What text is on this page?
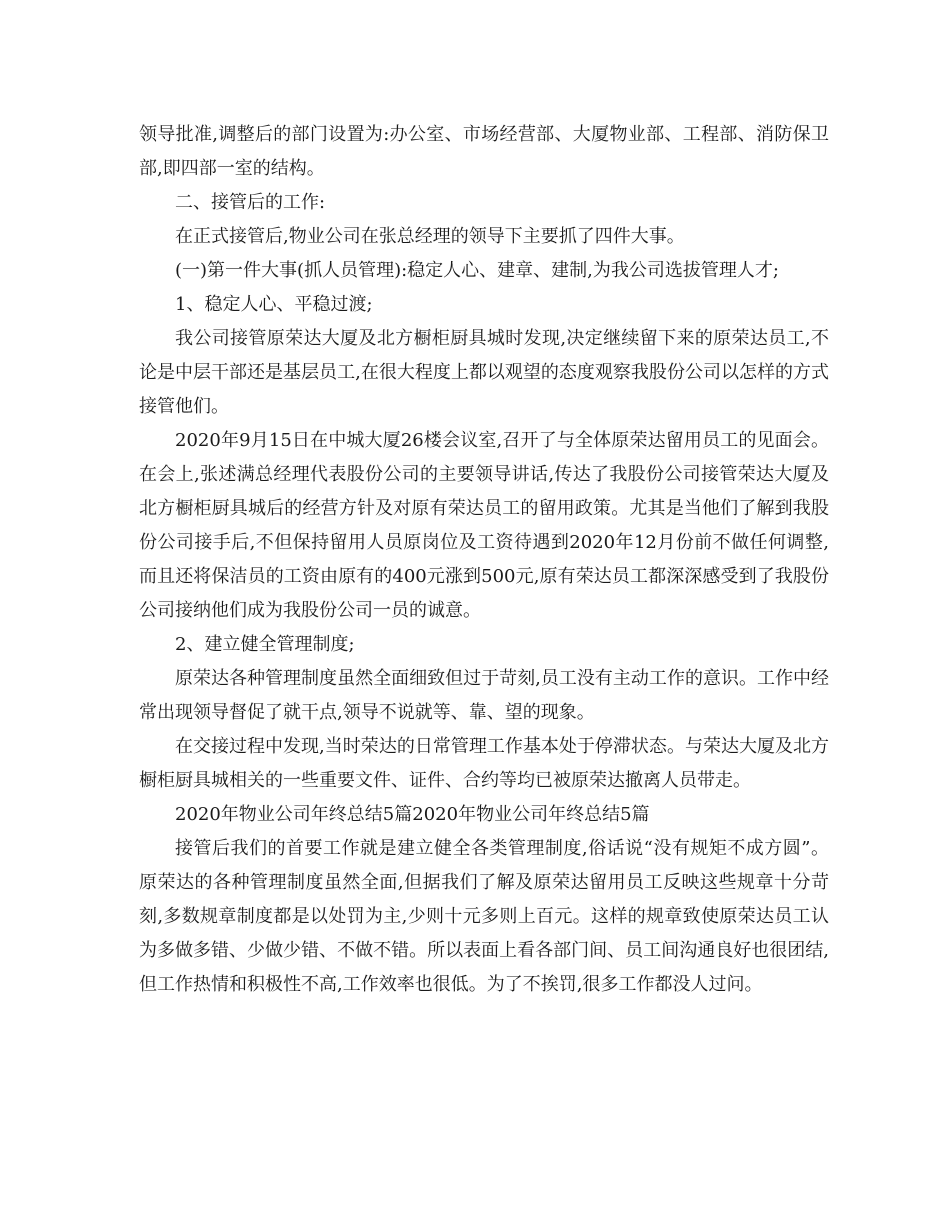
领导批准,调整后的部门设置为:办公室、市场经营部、大厦物业部、工程部、消防保卫部,即四部一室的结构。

二、接管后的工作:

在正式接管后,物业公司在张总经理的领导下主要抓了四件大事。

(一)第一件大事(抓人员管理):稳定人心、建章、建制,为我公司选拔管理人才;

1、稳定人心、平稳过渡;

我公司接管原荣达大厦及北方橱柜厨具城时发现,决定继续留下来的原荣达员工,不论是中层干部还是基层员工,在很大程度上都以观望的态度观察我股份公司以怎样的方式接管他们。

2020年9月15日在中城大厦26楼会议室,召开了与全体原荣达留用员工的见面会。在会上,张述满总经理代表股份公司的主要领导讲话,传达了我股份公司接管荣达大厦及北方橱柜厨具城后的经营方针及对原有荣达员工的留用政策。尤其是当他们了解到我股份公司接手后,不但保持留用人员原岗位及工资待遇到2020年12月份前不做任何调整,而且还将保洁员的工资由原有的400元涨到500元,原有荣达员工都深深感受到了我股份公司接纳他们成为我股份公司一员的诚意。

2、建立健全管理制度;

原荣达各种管理制度虽然全面细致但过于苛刻,员工没有主动工作的意识。工作中经常出现领导督促了就干点,领导不说就等、靠、望的现象。

在交接过程中发现,当时荣达的日常管理工作基本处于停滞状态。与荣达大厦及北方橱柜厨具城相关的一些重要文件、证件、合约等均已被原荣达撤离人员带走。

2020年物业公司年终总结5篇2020年物业公司年终总结5篇

接管后我们的首要工作就是建立健全各类管理制度,俗话说“没有规矩不成方圆”。原荣达的各种管理制度虽然全面,但据我们了解及原荣达留用员工反映这些规章十分苛刻,多数规章制度都是以处罚为主,少则十元多则上百元。这样的规章致使原荣达员工认为多做多错、少做少错、不做不错。所以表面上看各部门间、员工间沟通良好也很团结,但工作热情和积极性不高,工作效率也很低。为了不挨罚,很多工作都没人过问。
